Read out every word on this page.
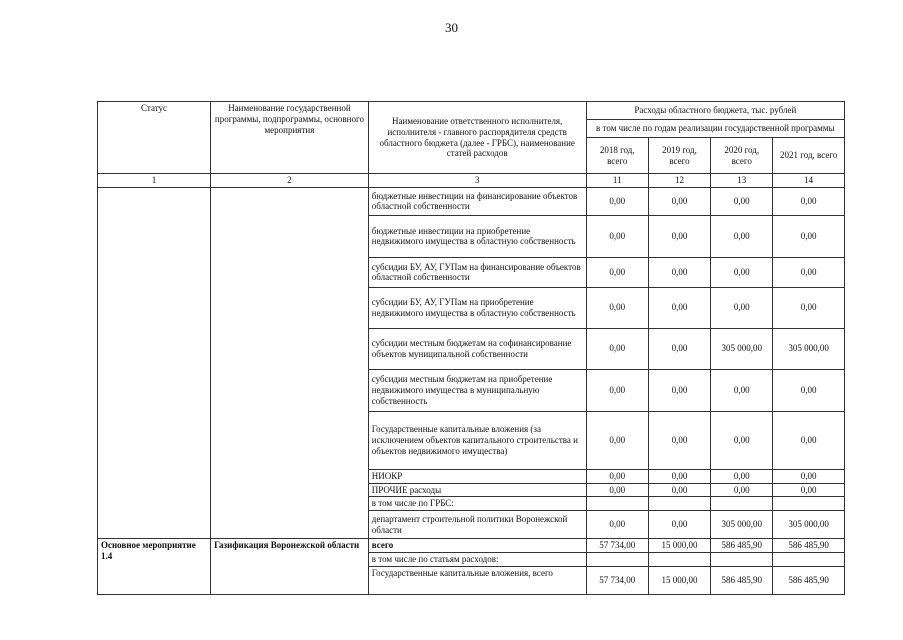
30
Статус	Наименование государственной программы, подпрограммы, основного мероприятия	Наименование ответственного исполнителя, исполнителя - главного распорядителя средств областного бюджета (далее - ГРБС), наименование статей расходов	Расходы областного бюджета, тыс. рублей			
			в том числе по годам реализации государственной программы			
			2018 год, всего	2019 год, всего	2020 год, всего	2021 год, всего
1	2	3	11	12	13	14
		бюджетные инвестиции на финансирование объектов областной собственности	0,00	0,00	0,00	0,00
		бюджетные инвестиции на приобретение недвижимого имущества в областную собственность	0,00	0,00	0,00	0,00
		субсидии БУ, АУ, ГУПам на финансирование объектов областной собственности	0,00	0,00	0,00	0,00
		субсидии БУ, АУ, ГУПам на приобретение недвижимого имущества в областную собственность	0,00	0,00	0,00	0,00
		субсидии местным бюджетам на софинансирование объектов муниципальной собственности	0,00	0,00	305 000,00	305 000,00
		субсидии местным бюджетам на приобретение недвижимого имущества в муниципальную собственность	0,00	0,00	0,00	0,00
		Государственные капитальные вложения (за исключением объектов капитального строительства и объектов недвижимого имущества)	0,00	0,00	0,00	0,00
		НИОКР	0,00	0,00	0,00	0,00
		ПРОЧИЕ расходы	0,00	0,00	0,00	0,00
		в том числе по ГРБС:				
		департамент строительной политики Воронежской области	0,00	0,00	305 000,00	305 000,00
Основное мероприятие 1.4	Газификация Воронежской области	всего	57 734,00	15 000,00	586 485,90	586 485,90
		в том числе по статьям расходов:				
		Государственные капитальные вложения, всего	57 734,00	15 000,00	586 485,90	586 485,90
